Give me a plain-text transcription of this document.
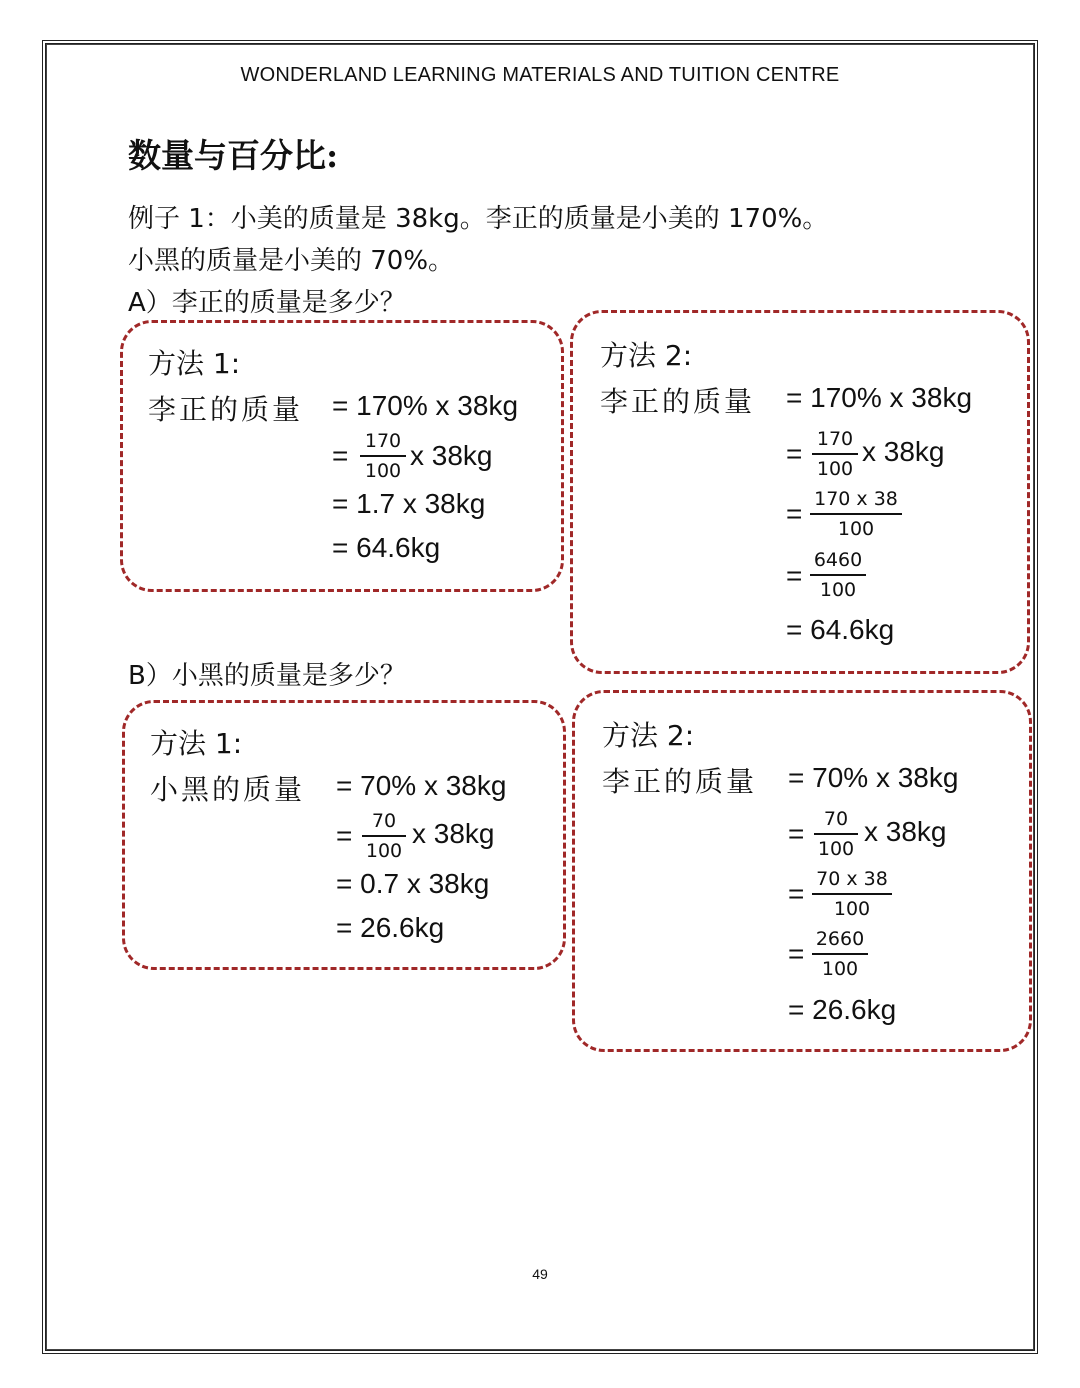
WONDERLAND LEARNING MATERIALS AND TUITION CENTRE
数量与百分比:
例子 1：小美的质量是 38kg。李正的质量是小美的 170%。
小黑的质量是小美的 70%。
A）李正的质量是多少？
方法 1:
李正的质量 = 170% x 38kg
= 170
100 x 38kg
= 1.7 x 38kg
= 64.6kg
方法 2:
李正的质量 = 170% x 38kg
= 170
100
x 38kg
= 170 x 38
100
= 6460
100
= 64.6kg
B）小黑的质量是多少？
方法 1:
小黑的质量 = 70% x 38kg
=	70
100
x 38kg
= 0.7 x 38kg
= 26.6kg
方法 2:
李正的质量 = 70% x 38kg
=	70
100
x 38kg
= 70 x 38
100
= 2660
100
= 26.6kg
49
